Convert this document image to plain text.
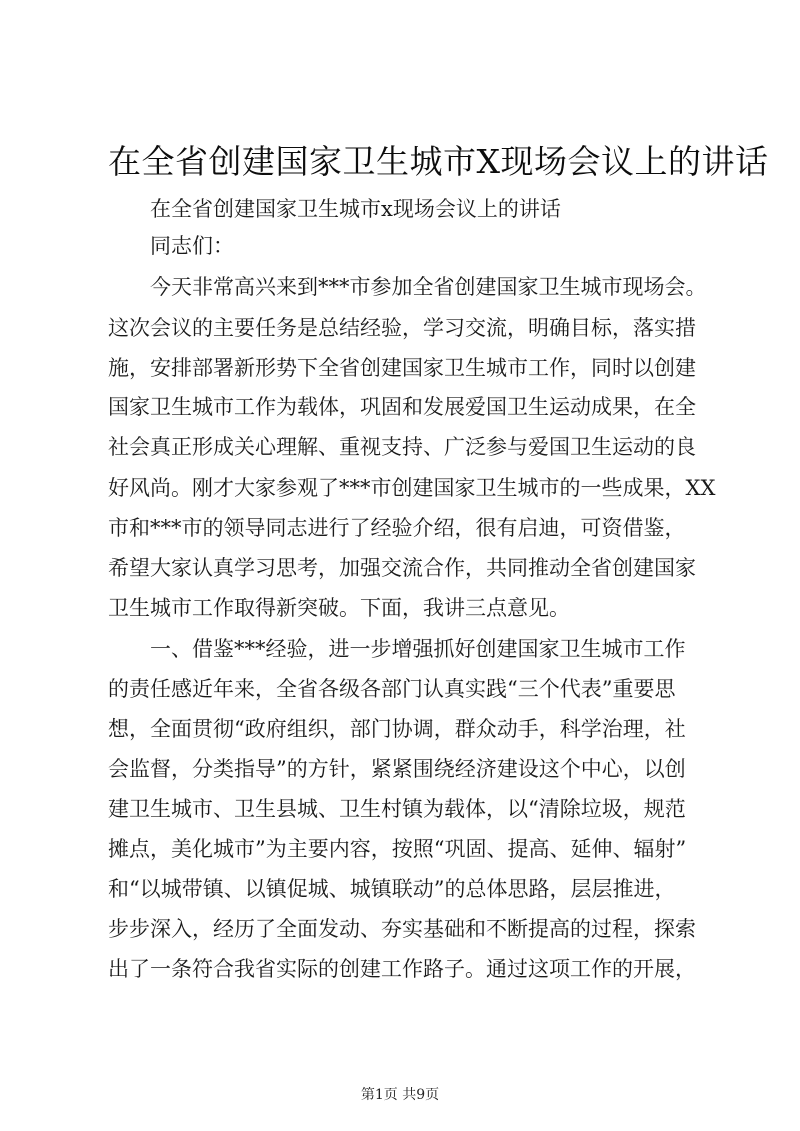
在全省创建国家卫生城市X现场会议上的讲话
在全省创建国家卫生城市x现场会议上的讲话
同志们：
今天非常高兴来到***市参加全省创建国家卫生城市现场会。
这次会议的主要任务是总结经验，学习交流，明确目标，落实措
施，安排部署新形势下全省创建国家卫生城市工作，同时以创建
国家卫生城市工作为载体，巩固和发展爱国卫生运动成果，在全
社会真正形成关心理解、重视支持、广泛参与爱国卫生运动的良
好风尚。刚才大家参观了***市创建国家卫生城市的一些成果，XX
市和***市的领导同志进行了经验介绍，很有启迪，可资借鉴，
希望大家认真学习思考，加强交流合作，共同推动全省创建国家
卫生城市工作取得新突破。下面，我讲三点意见。
一、借鉴***经验，进一步增强抓好创建国家卫生城市工作
的责任感近年来，全省各级各部门认真实践“三个代表”重要思
想，全面贯彻“政府组织，部门协调，群众动手，科学治理，社
会监督，分类指导”的方针，紧紧围绕经济建设这个中心，以创
建卫生城市、卫生县城、卫生村镇为载体，以“清除垃圾，规范
摊点，美化城市”为主要内容，按照“巩固、提高、延伸、辐射”
和“以城带镇、以镇促城、城镇联动”的总体思路，层层推进，
步步深入，经历了全面发动、夯实基础和不断提高的过程，探索
出了一条符合我省实际的创建工作路子。通过这项工作的开展，
第1页 共9页
